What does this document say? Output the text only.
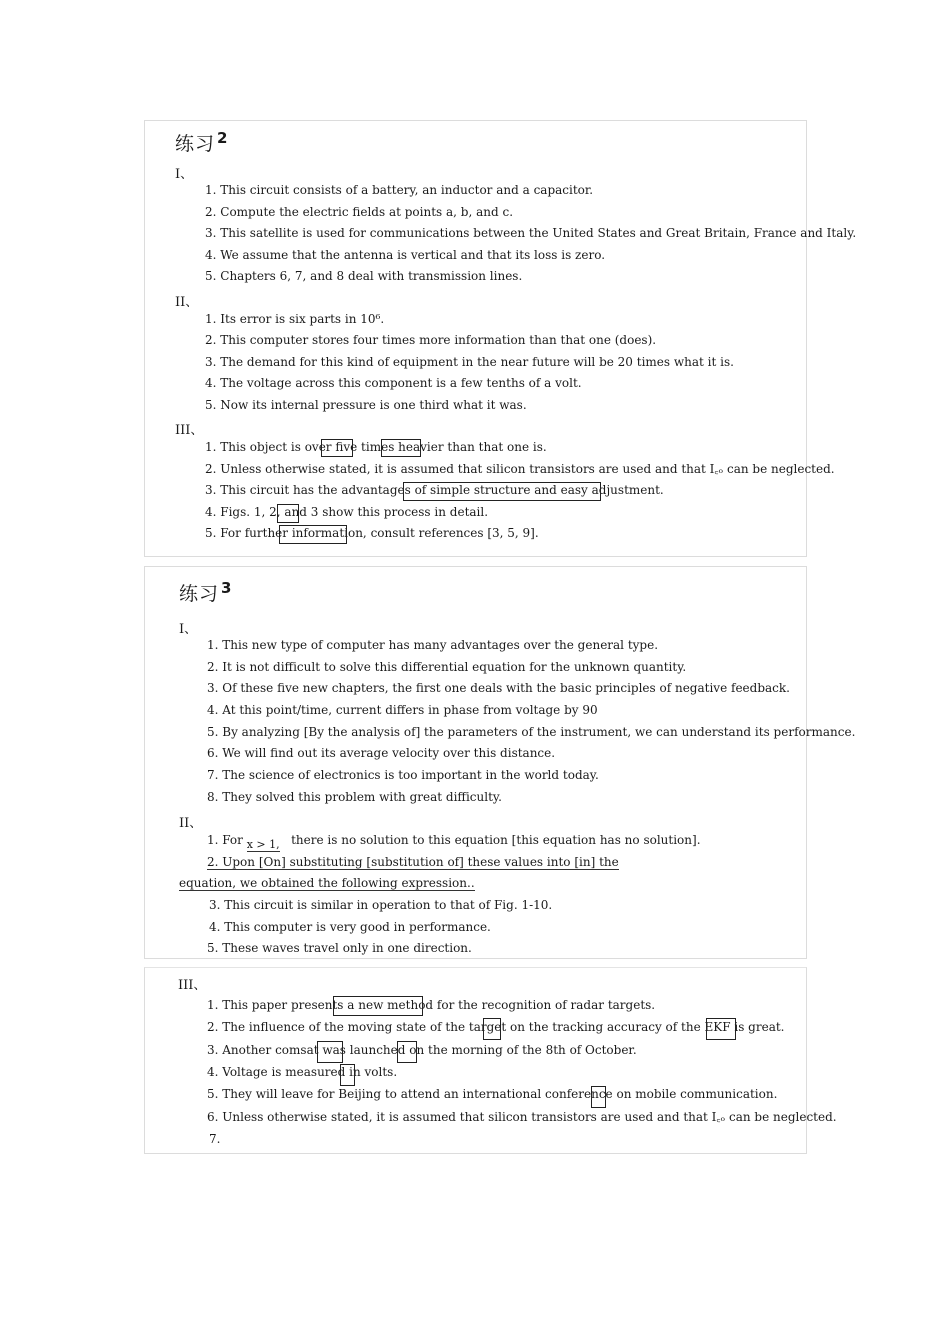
练习 $^2$
I、
1. This circuit consists of a battery, an inductor and a capacitor.
2. Compute the electric fields at points a, b, and c.
3. This satellite is used for communications between the United States and Great Britain, France and Italy.
4. We assume that the antenna is vertical and that its loss is zero.
5. Chapters 6, 7, and 8 deal with transmission lines.
II、
1. Its error is six parts in 10⁶.
2. This computer stores four times more information than that one (does).
3. The demand for this kind of equipment in the near future will be 20 times what it is.
4. The voltage across this component is a few tenths of a volt.
5. Now its internal pressure is one third what it was.
III、
1. This object is over five times heavier than that one is.
2. Unless otherwise stated, it is assumed that silicon transistors are used and that I꜀ₒ can be neglected.
3. This circuit has the advantages of simple structure and easy adjustment.
4. Figs. 1, 2, and 3 show this process in detail.
5. For further information, consult references [3, 5, 9].
练习 $^3$
I、
1. This new type of computer has many advantages over the general type.
2. It is not difficult to solve this differential equation for the unknown quantity.
3. Of these five new chapters, the first one deals with the basic principles of negative feedback.
4. At this point/time, current differs in phase from voltage by 90
5. By analyzing [By the analysis of] the parameters of the instrument, we can understand its performance.
6. We will find out its average velocity over this distance.
7. The science of electronics is too important in the world today.
8. They solved this problem with great difficulty.
II、
1. For x > 1, there is no solution to this equation [this equation has no solution].
2. Upon [On] substituting [substitution of] these values into [in] the
equation, we obtained the following expression..
3. This circuit is similar in operation to that of Fig. 1-10.
4. This computer is very good in performance.
5. These waves travel only in one direction.
III、
1. This paper presents a new method for the recognition of radar targets.
2. The influence of the moving state of the target on the tracking accuracy of the EKF is great.
3. Another comsat was launched on the morning of the 8th of October.
4. Voltage is measured in volts.
5. They will leave for Beijing to attend an international conference on mobile communication.
6. Unless otherwise stated, it is assumed that silicon transistors are used and that I꜀ₒ can be neglected.
7.
